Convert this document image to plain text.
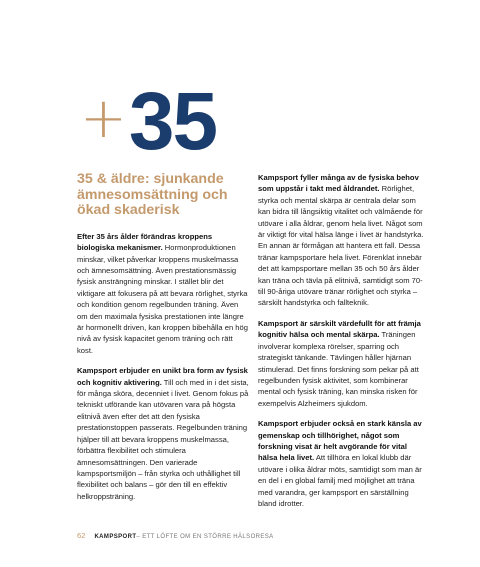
+ 35
35 & äldre: sjunkande ämnesomsättning och ökad skaderisk

Efter 35 års ålder förändras kroppens biologiska mekanismer. Hormonproduktionen minskar, vilket påverkar kroppens muskelmassa och ämnesomsättning. Även prestationsmässig fysisk ansträngning minskar. I stället blir det viktigare att fokusera på att bevara rörlighet, styrka och kondition genom regelbunden träning. Även om den maximala fysiska prestationen inte längre är hormonellt driven, kan kroppen bibehålla en hög nivå av fysisk kapacitet genom träning och rätt kost.

Kampsport erbjuder en unikt bra form av fysisk och kognitiv aktivering. Till och med in i det sista, för många sköra, decenniet i livet. Genom fokus på tekniskt utförande kan utövaren vara på högsta elitnivå även efter det att den fysiska prestationstoppen passerats. Regelbunden träning hjälper till att bevara kroppens muskelmassa, förbättra flexibilitet och stimulera ämnesomsättningen. Den varierade kampsportsmiljön – från styrka och uthållighet till flexibilitet och balans – gör den till en effektiv helkroppsträning.

Kampsport fyller många av de fysiska behov som uppstår i takt med åldrandet. Rörlighet, styrka och mental skärpa är centrala delar som kan bidra till långsiktig vitalitet och välmående för utövare i alla åldrar, genom hela livet. Något som är viktigt för vital hälsa länge i livet är handstyrka. En annan är förmågan att hantera ett fall. Dessa tränar kampsportare hela livet. Förenklat innebär det att kampsportare mellan 35 och 50 års ålder kan träna och tävla på elitnivå, samtidigt som 70- till 90-åriga utövare tränar rörlighet och styrka – särskilt handstyrka och fallteknik.

Kampsport är särskilt värdefullt för att främja kognitiv hälsa och mental skärpa. Träningen involverar komplexa rörelser, sparring och strategiskt tänkande. Tävlingen håller hjärnan stimulerad. Det finns forskning som pekar på att regelbunden fysisk aktivitet, som kombinerar mental och fysisk träning, kan minska risken för exempelvis Alzheimers sjukdom.

Kampsport erbjuder också en stark känsla av gemenskap och tillhörighet, något som forskning visat är helt avgörande för vital hälsa hela livet. Att tillhöra en lokal klubb där utövare i olika åldrar möts, samtidigt som man är en del i en global familj med möjlighet att träna med varandra, ger kampsport en särställning bland idrotter.

62 KAMPSPORT – ETT LÖFTE OM EN STÖRRE HÄLSORESA
